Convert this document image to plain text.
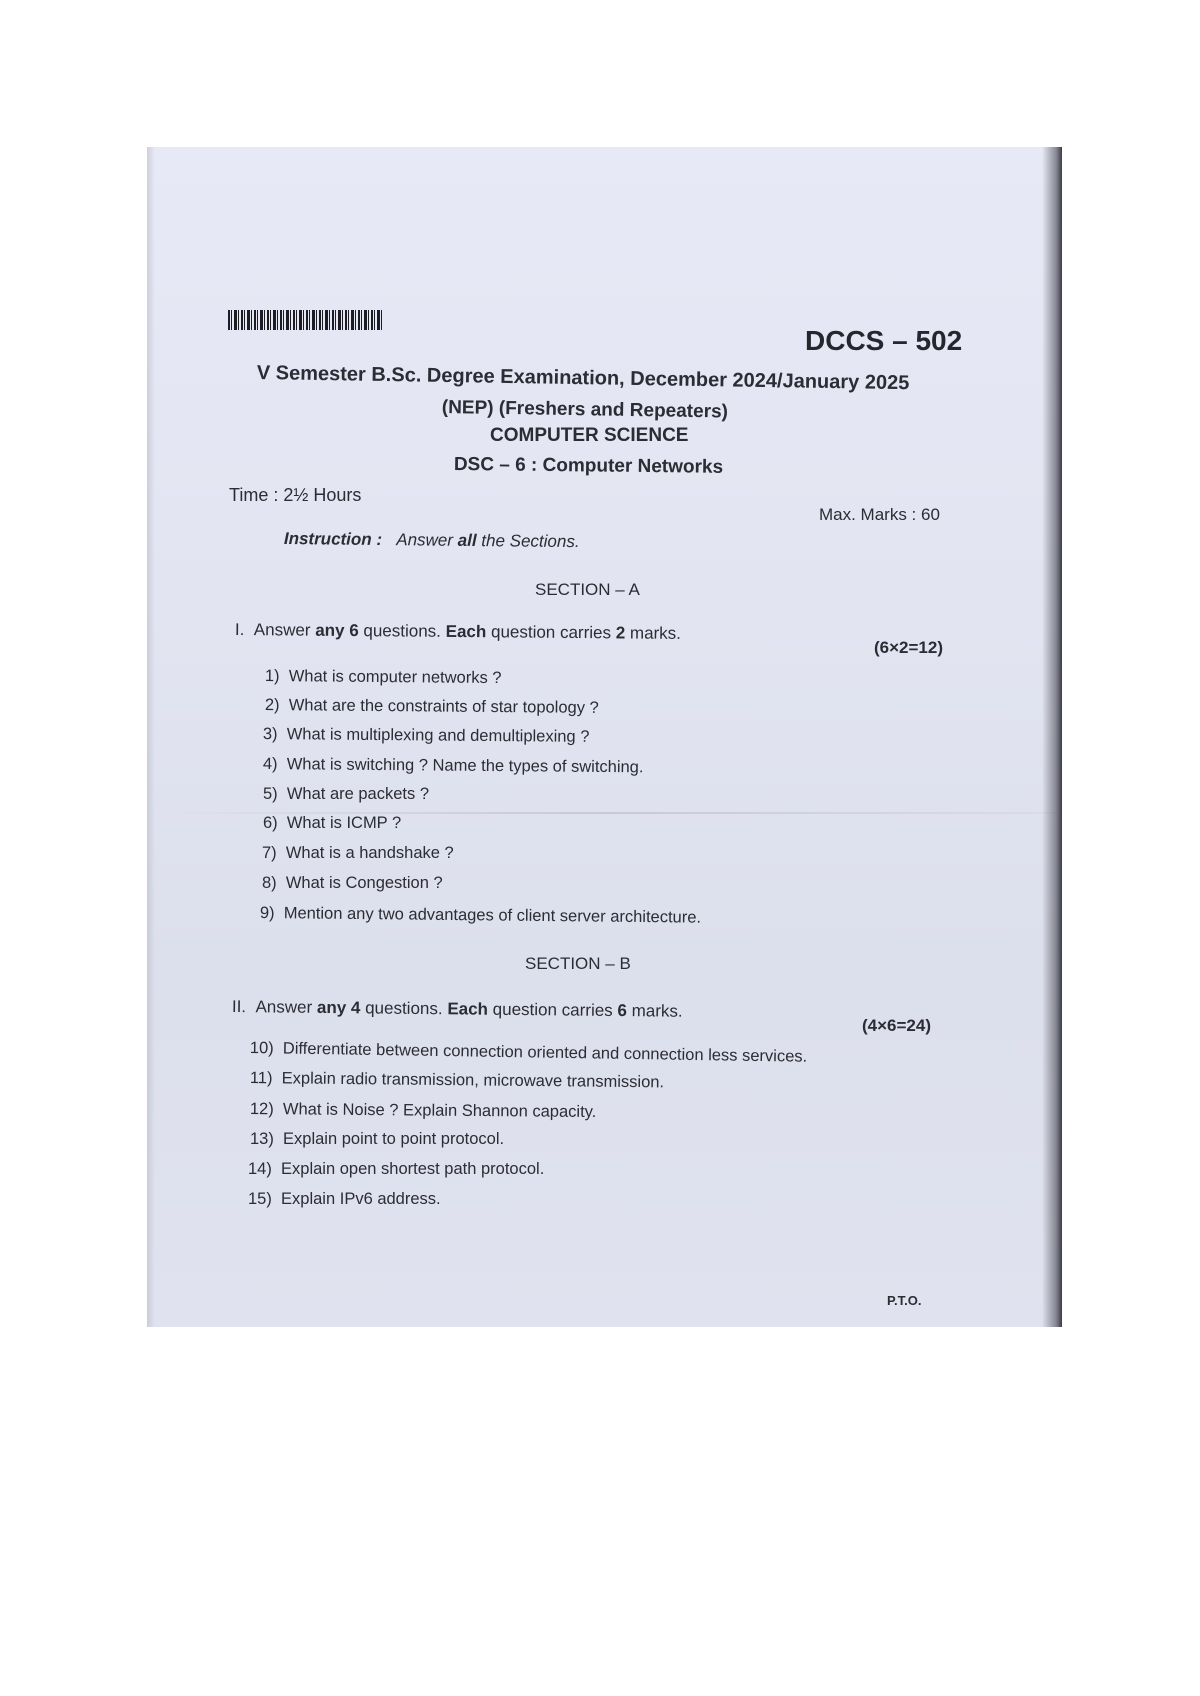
DCCS – 502
V Semester B.Sc. Degree Examination, December 2024/January 2025
(NEP) (Freshers and Repeaters)
COMPUTER SCIENCE
DSC – 6 : Computer Networks
Time : 2½ Hours
Max. Marks : 60
Instruction : Answer all the Sections.
SECTION – A
I. Answer any 6 questions. Each question carries 2 marks.
(6×2=12)
1) What is computer networks ?
2) What are the constraints of star topology ?
3) What is multiplexing and demultiplexing ?
4) What is switching ? Name the types of switching.
5) What are packets ?
6) What is ICMP ?
7) What is a handshake ?
8) What is Congestion ?
9) Mention any two advantages of client server architecture.
SECTION – B
II. Answer any 4 questions. Each question carries 6 marks.
(4×6=24)
10) Differentiate between connection oriented and connection less services.
11) Explain radio transmission, microwave transmission.
12) What is Noise ? Explain Shannon capacity.
13) Explain point to point protocol.
14) Explain open shortest path protocol.
15) Explain IPv6 address.
P.T.O.
